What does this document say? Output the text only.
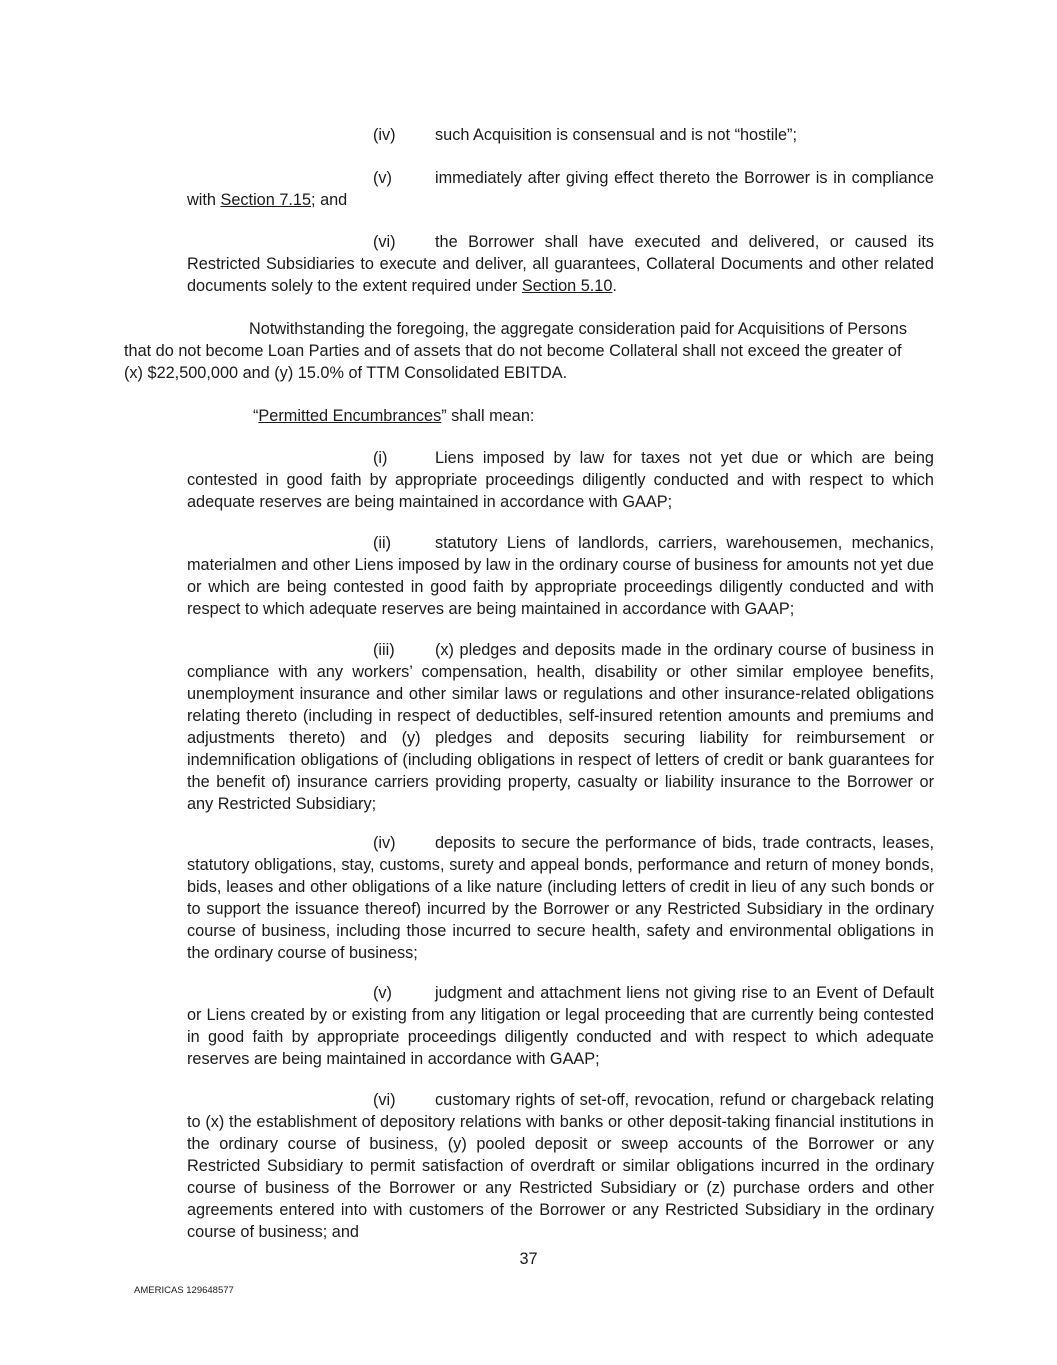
(iv) such Acquisition is consensual and is not “hostile”;

(v)	immediately after giving effect thereto the Borrower is in compliance with Section 7.15; and

(vi) the Borrower shall have executed and delivered, or caused its Restricted Subsidiaries to execute and deliver, all guarantees, Collateral Documents and other related documents solely to the extent required under Section 5.10.

Notwithstanding the foregoing, the aggregate consideration paid for Acquisitions of Persons that do not become Loan Parties and of assets that do not become Collateral shall not exceed the greater of (x) $22,500,000 and (y) 15.0% of TTM Consolidated EBITDA.

“Permitted Encumbrances” shall mean:

(i)	Liens imposed by law for taxes not yet due or which are being contested in good faith by appropriate proceedings diligently conducted and with respect to which adequate reserves are being maintained in accordance with GAAP;

(ii)	statutory Liens of landlords, carriers, warehousemen, mechanics, materialmen and other Liens imposed by law in the ordinary course of business for amounts not yet due or which are being contested in good faith by appropriate proceedings diligently conducted and with respect to which adequate reserves are being maintained in accordance with GAAP;

(iii) (x) pledges and deposits made in the ordinary course of business in compliance with any workers’ compensation, health, disability or other similar employee benefits, unemployment insurance and other similar laws or regulations and other insurance-related obligations relating thereto (including in respect of deductibles, self-insured retention amounts and premiums and adjustments thereto) and (y) pledges and deposits securing liability for reimbursement or indemnification obligations of (including obligations in respect of letters of credit or bank guarantees for the benefit of) insurance carriers providing property, casualty or liability insurance to the Borrower or any Restricted Subsidiary;

(iv) deposits to secure the performance of bids, trade contracts, leases, statutory obligations, stay, customs, surety and appeal bonds, performance and return of money bonds, bids, leases and other obligations of a like nature (including letters of credit in lieu of any such bonds or to support the issuance thereof) incurred by the Borrower or any Restricted Subsidiary in the ordinary course of business, including those incurred to secure health, safety and environmental obligations in the ordinary course of business;

(v)	judgment and attachment liens not giving rise to an Event of Default or Liens created by or existing from any litigation or legal proceeding that are currently being contested in good faith by appropriate proceedings diligently conducted and with respect to which adequate reserves are being maintained in accordance with GAAP;

(vi) customary rights of set-off, revocation, refund or chargeback relating to (x) the establishment of depository relations with banks or other deposit-taking financial institutions in the ordinary course of business, (y) pooled deposit or sweep accounts of the Borrower or any Restricted Subsidiary to permit satisfaction of overdraft or similar obligations incurred in the ordinary course of business of the Borrower or any Restricted Subsidiary or (z) purchase orders and other agreements entered into with customers of the Borrower or any Restricted Subsidiary in the ordinary course of business; and

37
AMERICAS 129648577
